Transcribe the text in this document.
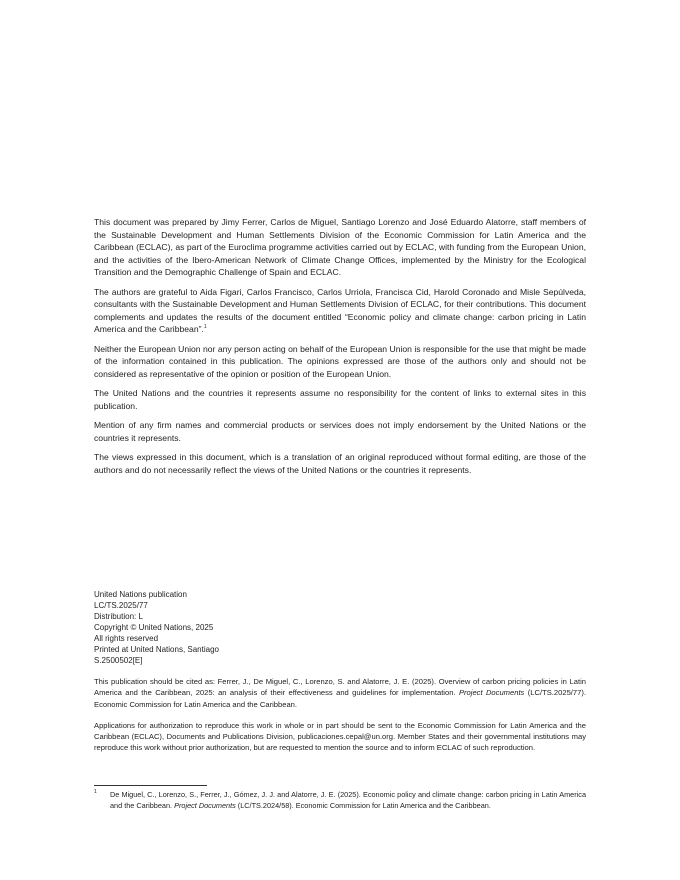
This document was prepared by Jimy Ferrer, Carlos de Miguel, Santiago Lorenzo and José Eduardo Alatorre, staff members of the Sustainable Development and Human Settlements Division of the Economic Commission for Latin America and the Caribbean (ECLAC), as part of the Euroclima programme activities carried out by ECLAC, with funding from the European Union, and the activities of the Ibero-American Network of Climate Change Offices, implemented by the Ministry for the Ecological Transition and the Demographic Challenge of Spain and ECLAC.

The authors are grateful to Aida Figari, Carlos Francisco, Carlos Urriola, Francisca Cid, Harold Coronado and Misle Sepúlveda, consultants with the Sustainable Development and Human Settlements Division of ECLAC, for their contributions. This document complements and updates the results of the document entitled “Economic policy and climate change: carbon pricing in Latin America and the Caribbean”.$^1$

Neither the European Union nor any person acting on behalf of the European Union is responsible for the use that might be made of the information contained in this publication. The opinions expressed are those of the authors only and should not be considered as representative of the opinion or position of the European Union.

The United Nations and the countries it represents assume no responsibility for the content of links to external sites in this publication.

Mention of any firm names and commercial products or services does not imply endorsement by the United Nations or the countries it represents.

The views expressed in this document, which is a translation of an original reproduced without formal editing, are those of the authors and do not necessarily reflect the views of the United Nations or the countries it represents.

United Nations publication
LC/TS.2025/77
Distribution: L
Copyright © United Nations, 2025
All rights reserved
Printed at United Nations, Santiago
S.2500502[E]
This publication should be cited as: Ferrer, J., De Miguel, C., Lorenzo, S. and Alatorre, J. E. (2025). Overview of carbon pricing policies in Latin America and the Caribbean, 2025: an analysis of their effectiveness and guidelines for implementation. Project Documents (LC/TS.2025/77). Economic Commission for Latin America and the Caribbean.
Applications for authorization to reproduce this work in whole or in part should be sent to the Economic Commission for Latin America and the Caribbean (ECLAC), Documents and Publications Division, publicaciones.cepal@un.org. Member States and their governmental institutions may reproduce this work without prior authorization, but are requested to mention the source and to inform ECLAC of such reproduction.
1 De Miguel, C., Lorenzo, S., Ferrer, J., Gómez, J. J. and Alatorre, J. E. (2025). Economic policy and climate change: carbon pricing in Latin America and the Caribbean. Project Documents (LC/TS.2024/58). Economic Commission for Latin America and the Caribbean.
